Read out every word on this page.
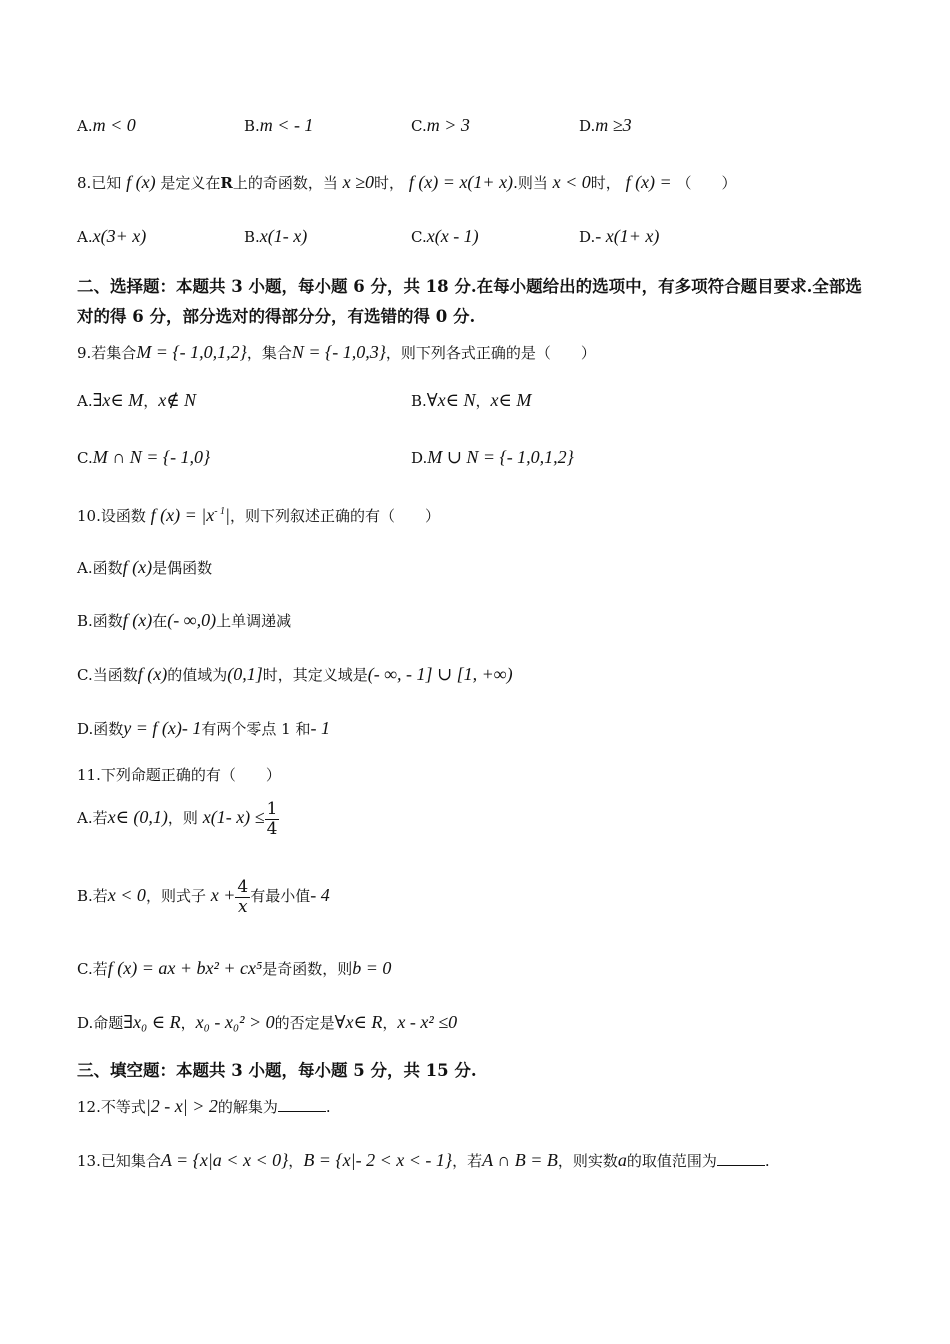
A.m < 0	B.m < - 1	C.m > 3	D.m ≥3
8.已知 f (x) 是定义在R上的奇函数，当 x ≥0时， f (x) = x(1+ x).则当 x < 0时， f (x) = （　　）
A.x(3+ x)	B.x(1- x)	C.x(x - 1)	D.- x(1+ x)
二、选择题：本题共 3 小题，每小题 6 分，共 18 分.在每小题给出的选项中，有多项符合题目要求.全部选对的得 6 分，部分选对的得部分分，有选错的得 0 分.
9.若集合M = {- 1,0,1,2}，集合N = {- 1,0,3}，则下列各式正确的是（　　）
A.∃x∈ M，x∉ N	B.∀x∈ N，x∈ M
C.M ∩ N = {- 1,0}	D.M ∪ N = {- 1,0,1,2}
10.设函数 f $(x) = |x^{- 1}|$，则下列叙述正确的有（　　）
A.函数f (x)是偶函数
B.函数f (x)在(- ∞,0)上单调递减
C.当函数f (x)的值域为(0,1]时，其定义域是(- ∞, - 1] ∪ [1, +∞)
D.函数y = f (x)- 1有两个零点 1 和- 1
11.下列命题正确的有（　　）
A.若x∈ (0,1)，则 x(1- $x) \le \frac{1}{4}$
B.若x < 0，则式子 $x + \frac{4}{x}$ 有最小值- 4
C.若f (x) = ax + bx² + cx⁵是奇函数，则b = 0
D.命题∃x₀ ∈ R，x₀ - x₀² > 0的否定是∀x∈ R，x - x² ≤0
三、填空题：本题共 3 小题，每小题 5 分，共 15 分.
12.不等式|2 - x| > 2的解集为	.
13.已知集合A = {x|a < x < 0}，B = {x|- 2 < x < - 1}，若A ∩ B = B，则实数a的取值范围为	.
